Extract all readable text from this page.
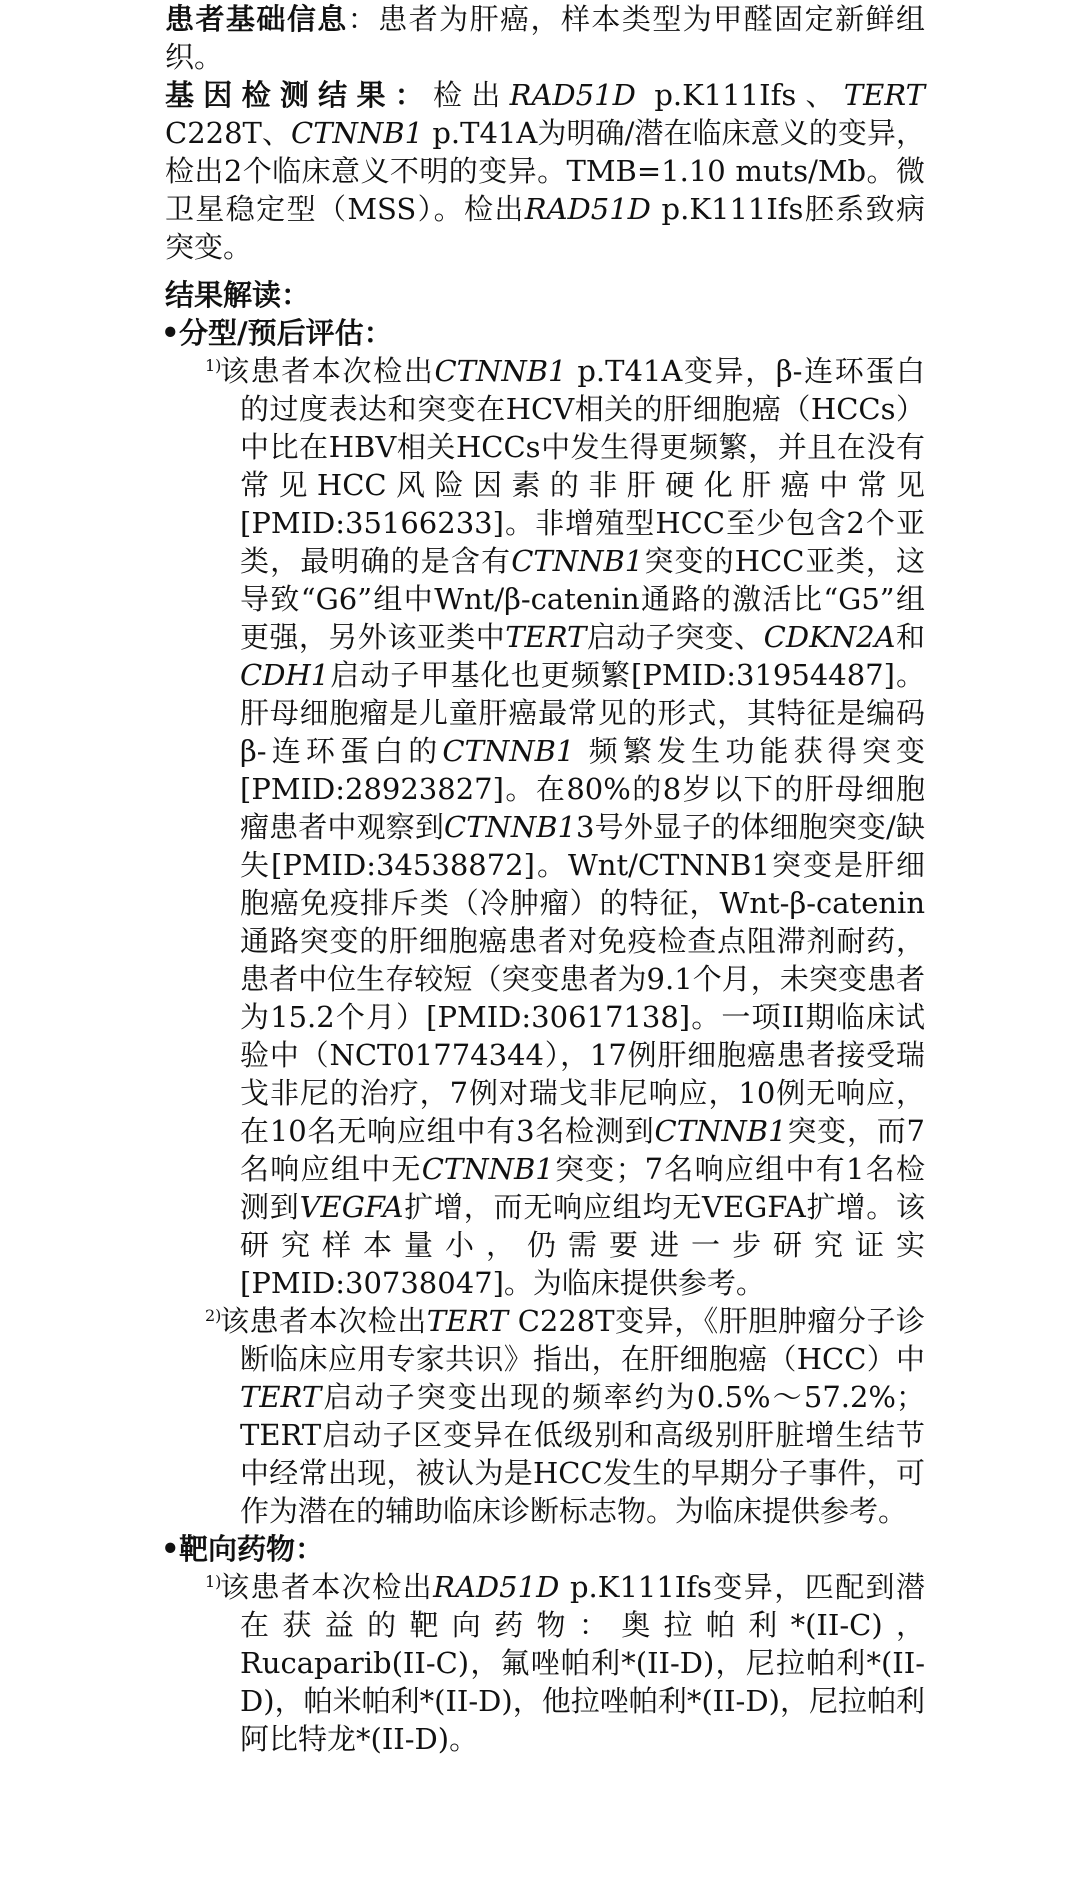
患者基础信息：患者为肝癌，样本类型为甲醛固定新鲜组织。
基因检测结果：检出RAD51D p.K111Ifs、TERT C228T、CTNNB1 p.T41A为明确/潜在临床意义的变异，检出2个临床意义不明的变异。TMB=1.10 muts/Mb。微卫星稳定型（MSS）。检出RAD51D p.K111Ifs胚系致病突变。
结果解读：
• 分型/预后评估：
1)
该患者本次检出CTNNB1 p.T41A变异，β-连环蛋白的过度表达和突变在HCV相关的肝细胞癌（HCCs）中比在HBV相关HCCs中发生得更频繁，并且在没有常见HCC风险因素的非肝硬化肝癌中常见[PMID:35166233]。非增殖型HCC至少包含2个亚类，最明确的是含有CTNNB1突变的HCC亚类，这导致“G6”组中Wnt/β-catenin通路的激活比“G5”组更强，另外该亚类中TERT启动子突变、CDKN2A和CDH1启动子甲基化也更频繁[PMID:31954487]。肝母细胞瘤是儿童肝癌最常见的形式，其特征是编码β-连环蛋白的CTNNB1 频繁发生功能获得突变[PMID:28923827]。在80%的8岁以下的肝母细胞瘤患者中观察到CTNNB13号外显子的体细胞突变/缺失[PMID:34538872]。Wnt/CTNNB1突变是肝细胞癌免疫排斥类（冷肿瘤）的特征，Wnt-β-catenin通路突变的肝细胞癌患者对免疫检查点阻滞剂耐药，患者中位生存较短（突变患者为9.1个月，未突变患者为15.2个月）[PMID:30617138]。一项II期临床试验中（NCT01774344），17例肝细胞癌患者接受瑞戈非尼的治疗，7例对瑞戈非尼响应，10例无响应，在10名无响应组中有3名检测到CTNNB1突变，而7名响应组中无CTNNB1突变；7名响应组中有1名检测到VEGFA扩增，而无响应组均无VEGFA扩增。该研究样本量小，仍需要进一步研究证实[PMID:30738047]。为临床提供参考。
2)
该患者本次检出TERT C228T变异，《肝胆肿瘤分子诊断临床应用专家共识》指出，在肝细胞癌（HCC）中TERT启动子突变出现的频率约为0.5%～57.2%；TERT启动子区变异在低级别和高级别肝脏增生结节中经常出现，被认为是HCC发生的早期分子事件，可作为潜在的辅助临床诊断标志物。为临床提供参考。
• 靶向药物：
1)
该患者本次检出RAD51D p.K111Ifs变异，匹配到潜在获益的靶向药物：奥拉帕利*(II-C)，Rucaparib(II-C)，氟唑帕利*(II-D)，尼拉帕利*(II-D)，帕米帕利*(II-D)，他拉唑帕利*(II-D)，尼拉帕利阿比特龙*(II-D)。
